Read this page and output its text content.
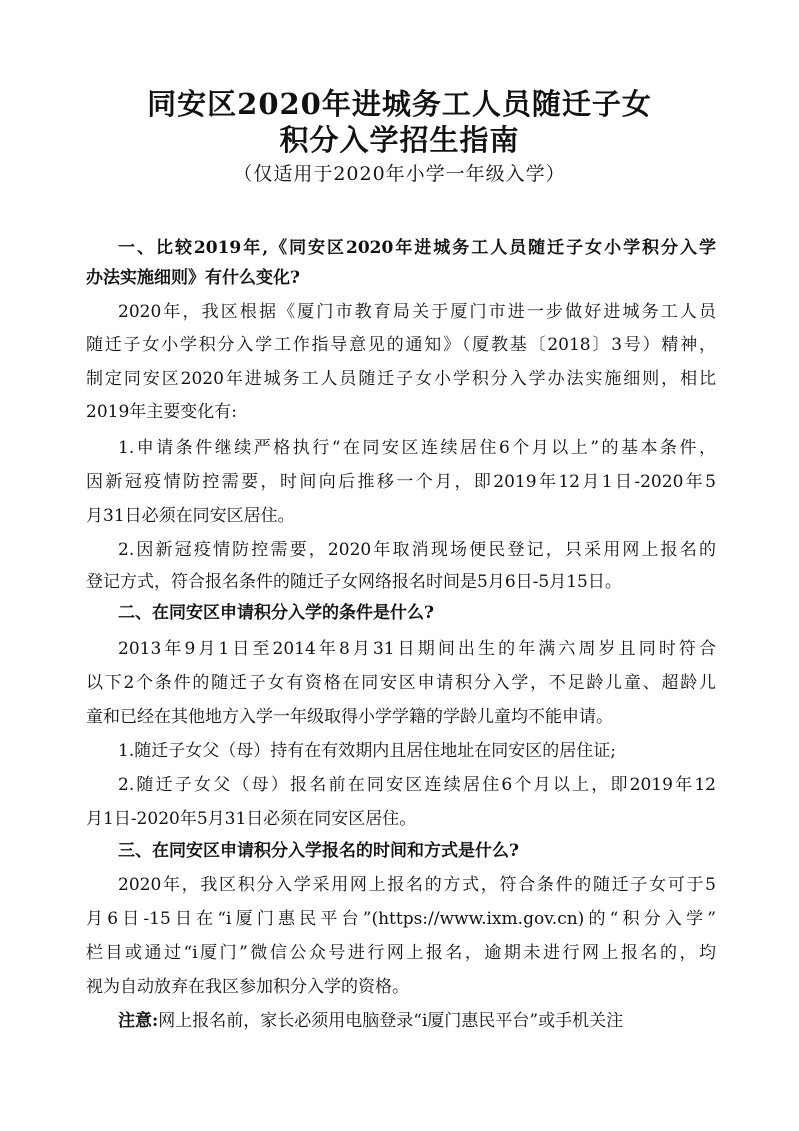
同安区2020年进城务工人员随迁子女
积分入学招生指南
（仅适用于2020年小学一年级入学）
一、比较2019年,《同安区2020年进城务工人员随迁子女小学积分入学
办法实施细则》有什么变化?
2020年，我区根据《厦门市教育局关于厦门市进一步做好进城务工人员
随迁子女小学积分入学工作指导意见的通知》（厦教基〔2018〕3号）精神，
制定同安区2020年进城务工人员随迁子女小学积分入学办法实施细则，相比
2019年主要变化有:
1.申请条件继续严格执行“在同安区连续居住6个月以上”的基本条件，
因新冠疫情防控需要，时间向后推移一个月，即2019年12月1日-2020年5
月31日必须在同安区居住。
2.因新冠疫情防控需要，2020年取消现场便民登记，只采用网上报名的
登记方式，符合报名条件的随迁子女网络报名时间是5月6日-5月15日。
二、在同安区申请积分入学的条件是什么?
2013年9月1日至2014年8月31日期间出生的年满六周岁且同时符合
以下2个条件的随迁子女有资格在同安区申请积分入学，不足龄儿童、超龄儿
童和已经在其他地方入学一年级取得小学学籍的学龄儿童均不能申请。
1.随迁子女父（母）持有在有效期内且居住地址在同安区的居住证;
2.随迁子女父（母）报名前在同安区连续居住6个月以上，即2019年12
月1日-2020年5月31日必须在同安区居住。
三、在同安区申请积分入学报名的时间和方式是什么?
2020年，我区积分入学采用网上报名的方式，符合条件的随迁子女可于5
月6日-15日在“i厦门惠民平台”(https://www.ixm.gov.cn)的“积分入学”
栏目或通过“i厦门”微信公众号进行网上报名，逾期未进行网上报名的，均
视为自动放弃在我区参加积分入学的资格。
注意:网上报名前，家长必须用电脑登录“i厦门惠民平台”或手机关注
